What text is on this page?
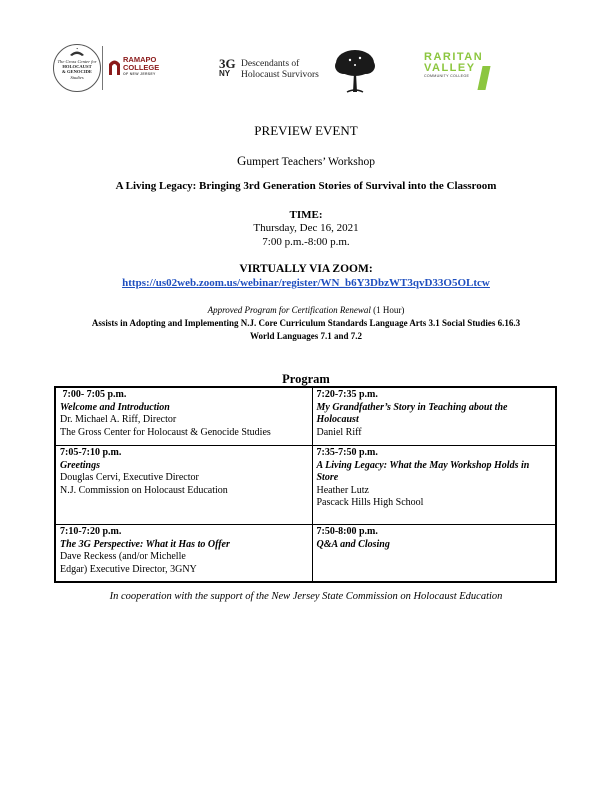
The Gross Center for
HOLOCAUST
& GENOCIDE
Studies
RAMAPO
COLLEGE
OF NEW JERSEY
3G
NY
Descendants of
Holocaust Survivors
RARITAN
VALLEY
COMMUNITY COLLEGE
PREVIEW EVENT
Gumpert Teachers’ Workshop
A Living Legacy: Bringing 3rd Generation Stories of Survival into the Classroom
TIME:
Thursday, Dec 16, 2021
7:00 p.m.-8:00 p.m.
VIRTUALLY VIA ZOOM:
https://us02web.zoom.us/webinar/register/WN_b6Y3DbzWT3qvD33O5OLtcw
Approved Program for Certification Renewal (1 Hour)
Assists in Adopting and Implementing N.J. Core Curriculum Standards Language Arts 3.1 Social Studies 6.16.3
World Languages 7.1 and 7.2
Program
7:00- 7:05 p.m.
Welcome and Introduction
Dr. Michael A. Riff, Director
The Gross Center for Holocaust & Genocide Studies	7:20-7:35 p.m.
My Grandfather’s Story in Teaching about the Holocaust
Daniel Riff

7:05-7:10 p.m.
Greetings
Douglas Cervi, Executive Director
N.J. Commission on Holocaust Education	7:35-7:50 p.m.
A Living Legacy: What the May Workshop Holds in Store
Heather Lutz
Pascack Hills High School

7:10-7:20 p.m.
The 3G Perspective: What it Has to Offer
Dave Reckess (and/or Michelle
Edgar) Executive Director, 3GNY	7:50-8:00 p.m.
Q&A and Closing
In cooperation with the support of the New Jersey State Commission on Holocaust Education
